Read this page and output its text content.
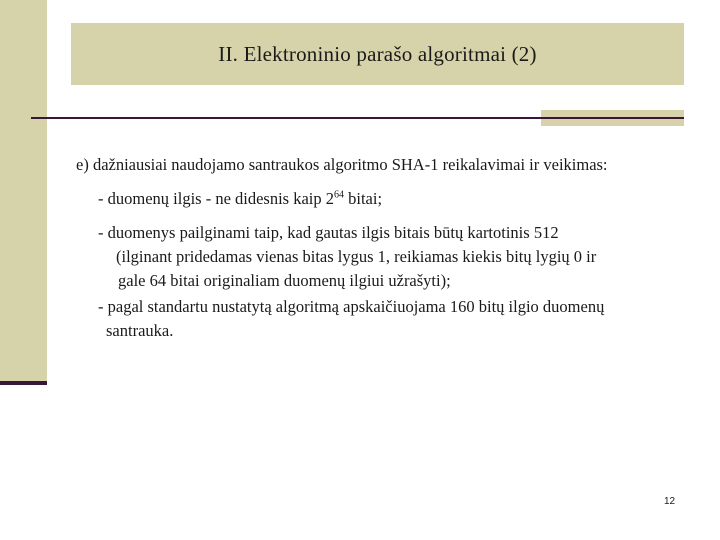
II. Elektroninio parašo algoritmai (2)
e) dažniausiai naudojamo santraukos algoritmo SHA-1 reikalavimai ir veikimas:
- duomenų ilgis - ne didesnis kaip $2^{64}$ bitai;
- duomenys pailginami taip, kad gautas ilgis bitais būtų kartotinis 512
(ilginant pridedamas vienas bitas lygus 1, reikiamas kiekis bitų lygių 0 ir
gale 64 bitai originaliam duomenų ilgiui užrašyti);
- pagal standartu nustatytą algoritmą apskaičiuojama 160 bitų ilgio duomenų
santrauka.
12
